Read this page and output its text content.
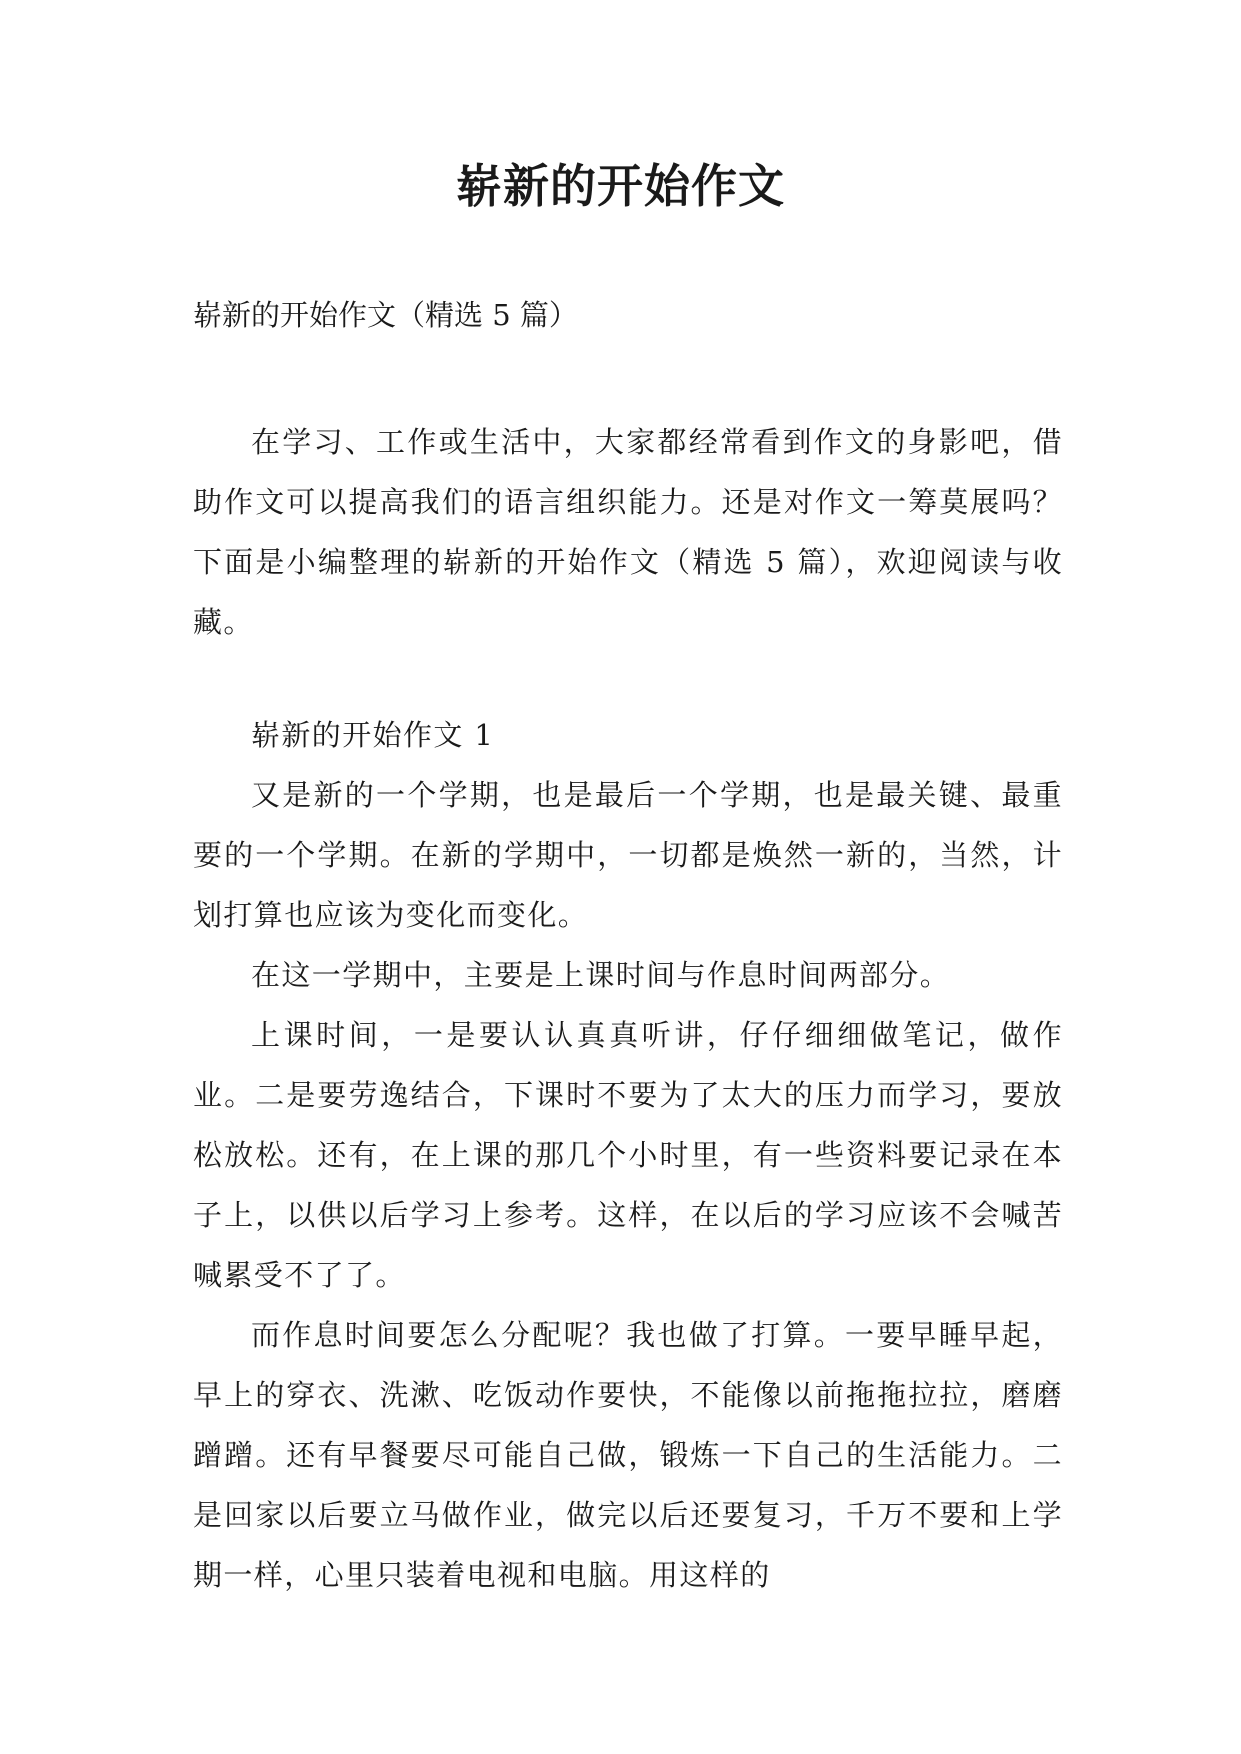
崭新的开始作文

崭新的开始作文（精选 5 篇）

在学习、工作或生活中，大家都经常看到作文的身影吧，借助作文可以提高我们的语言组织能力。还是对作文一筹莫展吗？下面是小编整理的崭新的开始作文（精选 5 篇），欢迎阅读与收藏。

崭新的开始作文 1

又是新的一个学期，也是最后一个学期，也是最关键、最重要的一个学期。在新的学期中，一切都是焕然一新的，当然，计划打算也应该为变化而变化。

在这一学期中，主要是上课时间与作息时间两部分。

上课时间，一是要认认真真听讲，仔仔细细做笔记，做作业。二是要劳逸结合，下课时不要为了太大的压力而学习，要放松放松。还有，在上课的那几个小时里，有一些资料要记录在本子上，以供以后学习上参考。这样，在以后的学习应该不会喊苦喊累受不了了。

而作息时间要怎么分配呢？我也做了打算。一要早睡早起，早上的穿衣、洗漱、吃饭动作要快，不能像以前拖拖拉拉，磨磨蹭蹭。还有早餐要尽可能自己做，锻炼一下自己的生活能力。二是回家以后要立马做作业，做完以后还要复习，千万不要和上学期一样，心里只装着电视和电脑。用这样的
